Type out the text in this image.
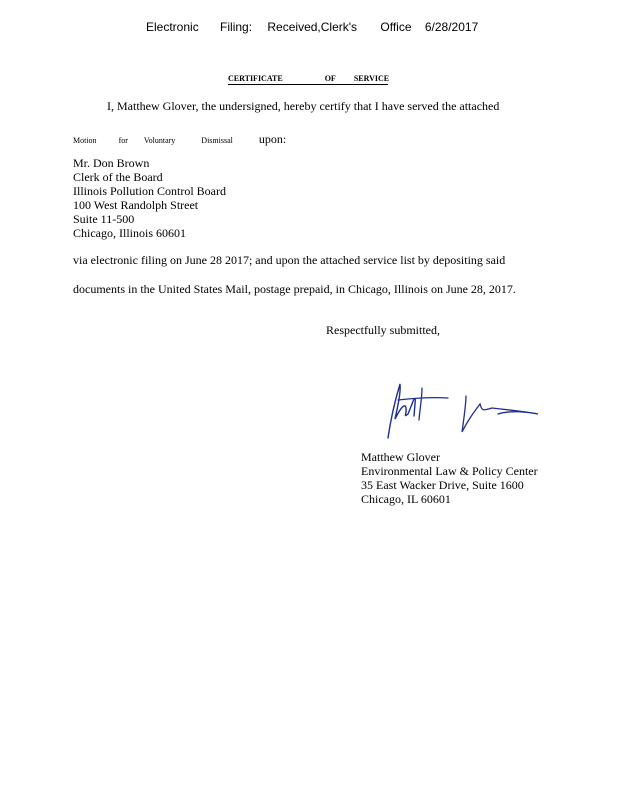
Electronic Filing: Received,Clerk's Office 6/28/2017
CERTIFICATE	OF SERVICE
I, Matthew Glover, the undersigned, hereby certify that I have served the attached
Motion	for Voluntary	Dismissal upon:
Mr. Don Brown
Clerk of the Board
Illinois Pollution Control Board
100 West Randolph Street
Suite 11-500
Chicago, Illinois 60601
via electronic filing on June 28 2017; and upon the attached service list by depositing said
documents in the United States Mail, postage prepaid, in Chicago, Illinois on June 28, 2017.
Respectfully submitted,
Matthew Glover
Environmental Law & Policy Center
35 East Wacker Drive, Suite 1600
Chicago, IL 60601
